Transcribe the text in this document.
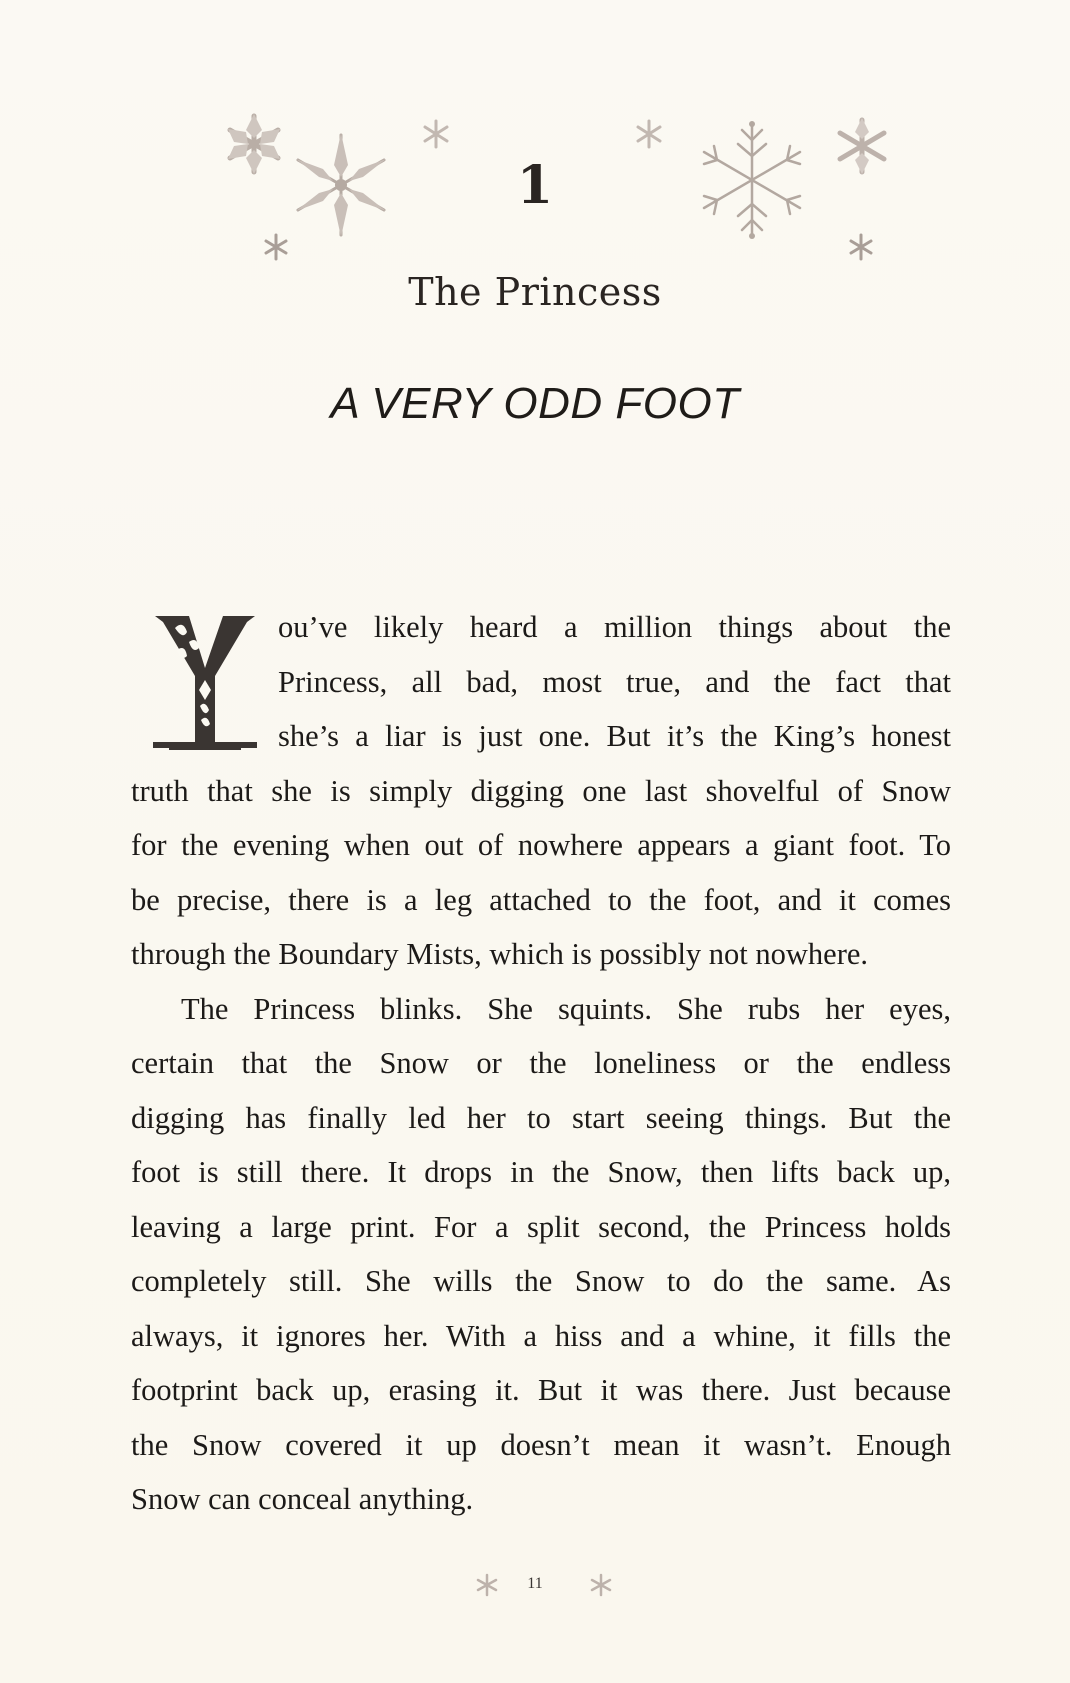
1
The Princess
A VERY ODD FOOT
ou’ve likely heard a million things about the
Princess, all bad, most true, and the fact that
she’s a liar is just one. But it’s the King’s honest
truth that she is simply digging one last shovelful of Snow
for the evening when out of nowhere appears a giant foot. To
be precise, there is a leg attached to the foot, and it comes
through the Boundary Mists, which is possibly not nowhere.
The Princess blinks. She squints. She rubs her eyes,
certain that the Snow or the loneliness or the endless
digging has finally led her to start seeing things. But the
foot is still there. It drops in the Snow, then lifts back up,
leaving a large print. For a split second, the Princess holds
completely still. She wills the Snow to do the same. As
always, it ignores her. With a hiss and a whine, it fills the
footprint back up, erasing it. But it was there. Just because
the Snow covered it up doesn’t mean it wasn’t. Enough
Snow can conceal anything.
11
